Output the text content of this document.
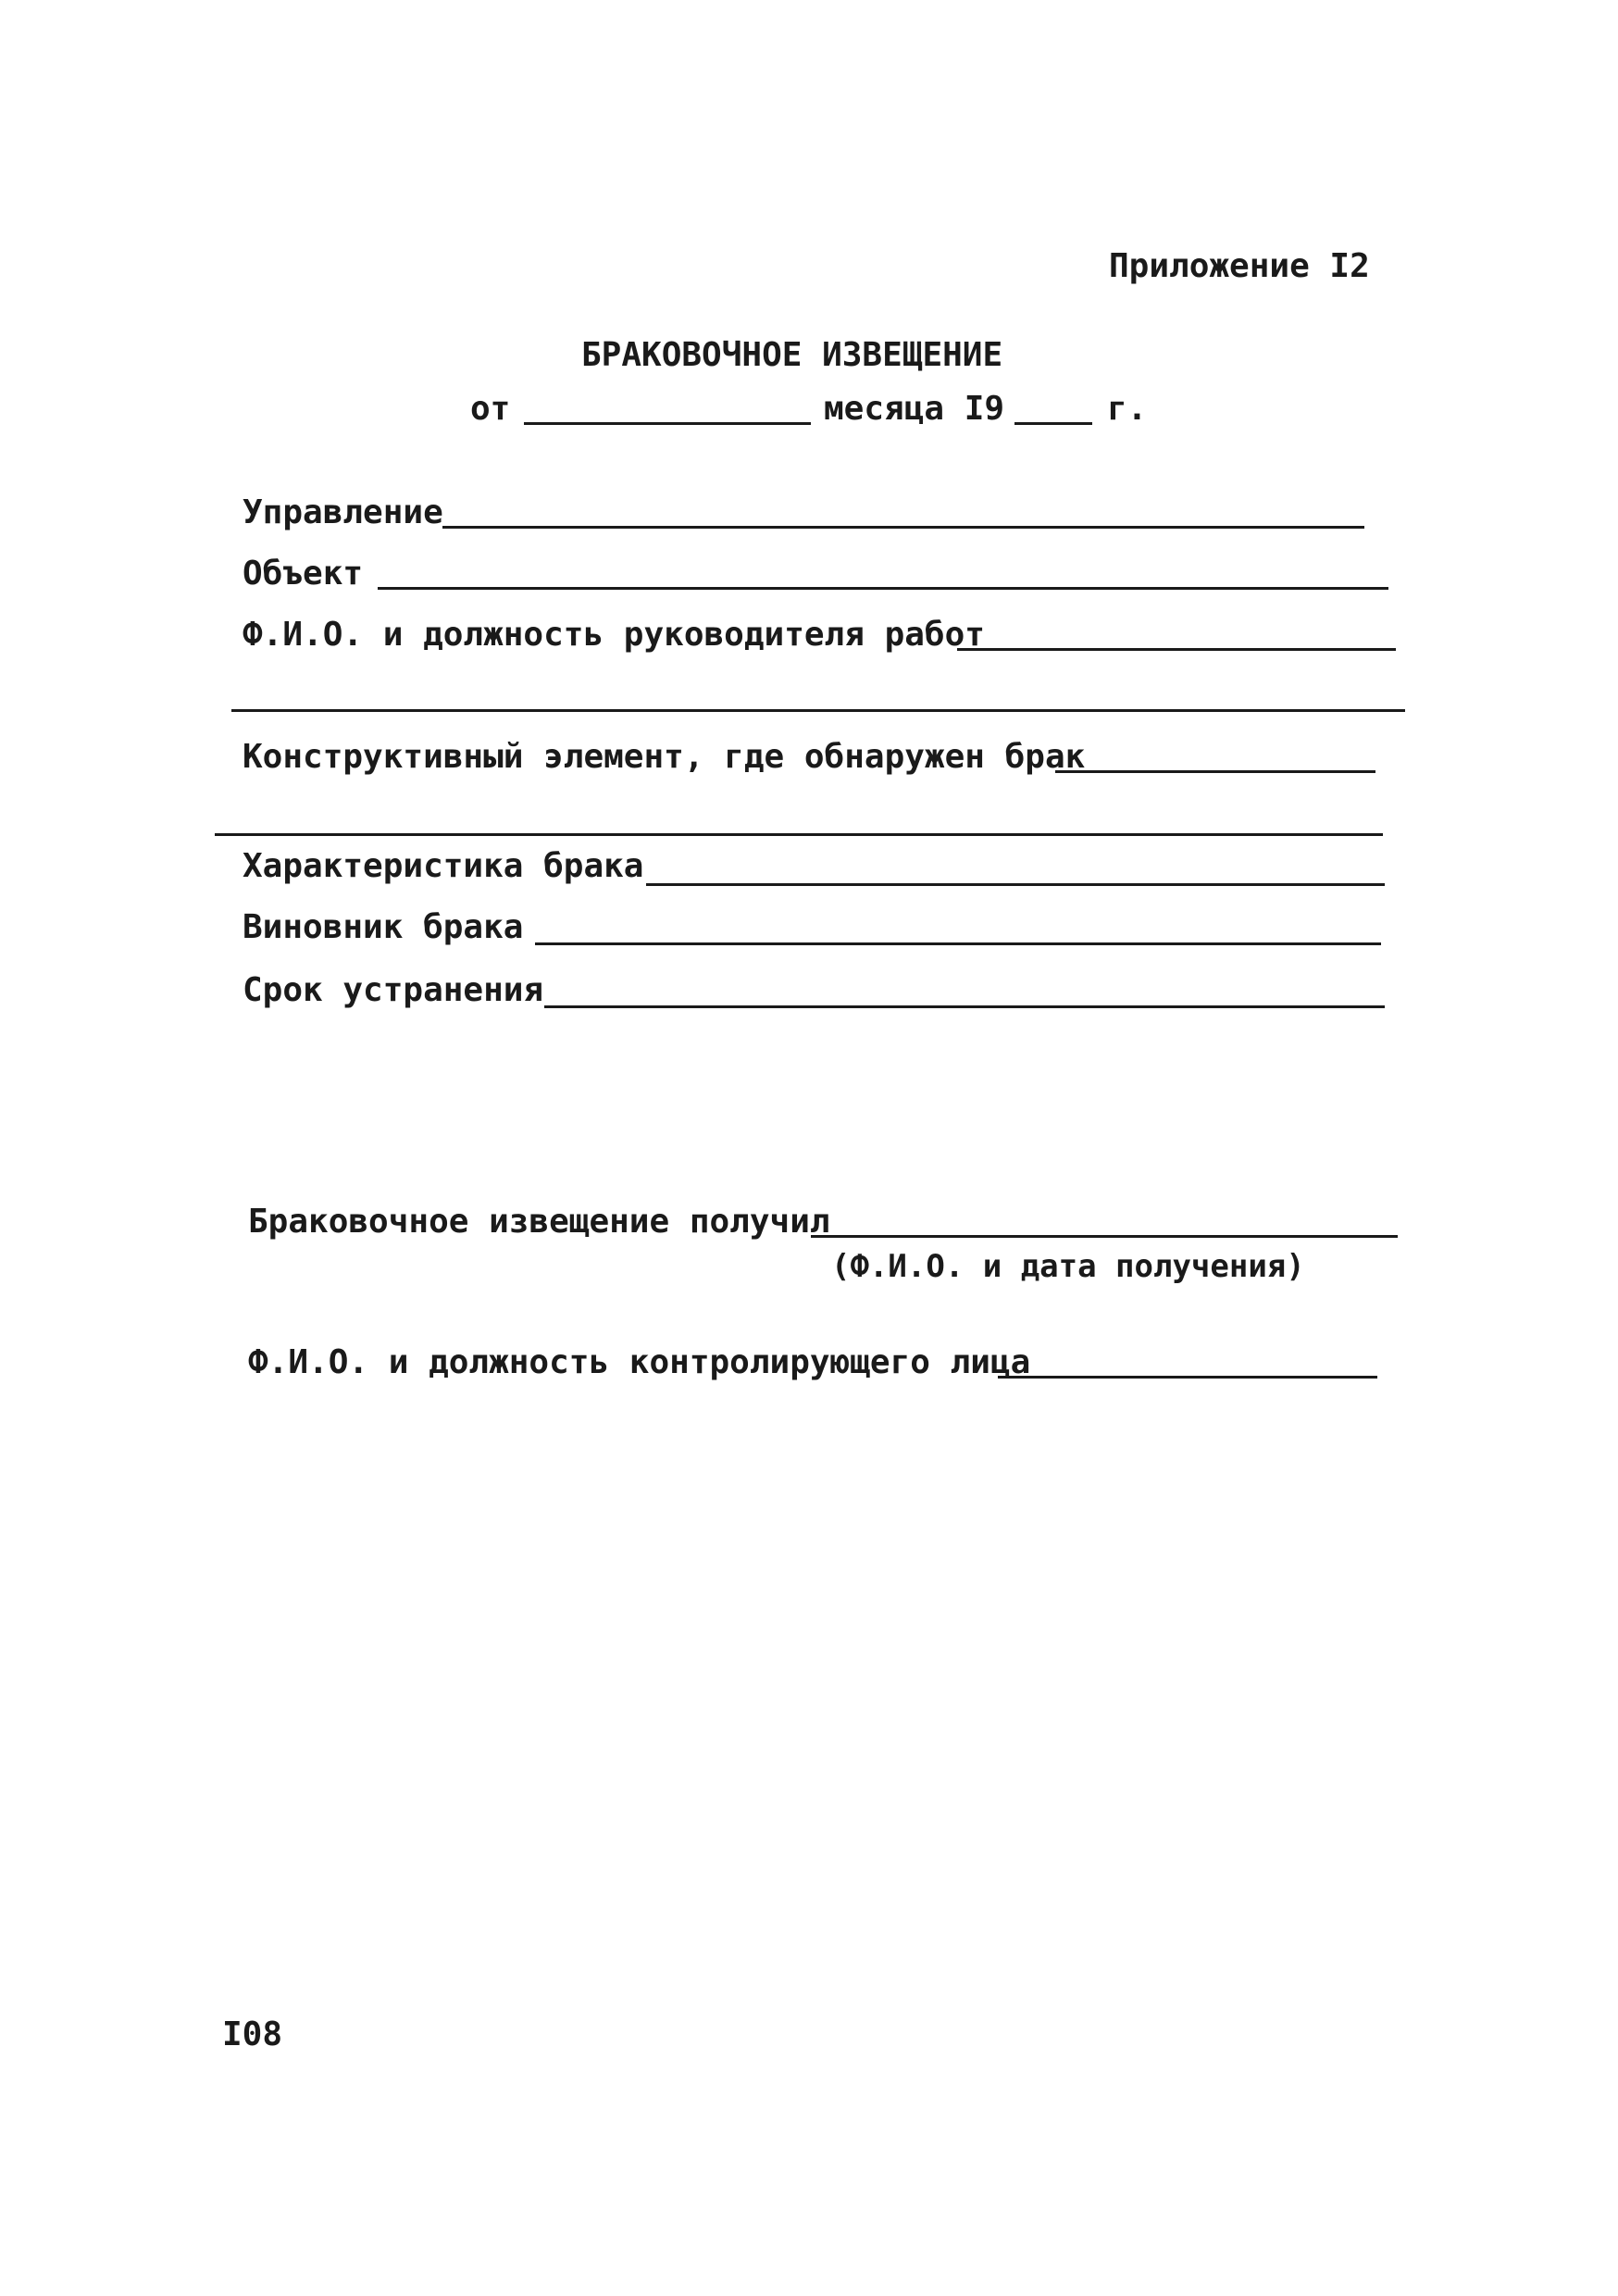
Приложение I2
БРАКОВОЧНОЕ ИЗВЕЩЕНИЕ
от	месяца I9	г.
Управление
Объект
Ф.И.О. и должность руководителя работ
Конструктивный элемент, где обнаружен брак
Характеристика брака
Виновник брака
Срок устранения
Браковочное извещение получил
(Ф.И.О. и дата получения)
Ф.И.О. и должность контролирующего лица
I08
